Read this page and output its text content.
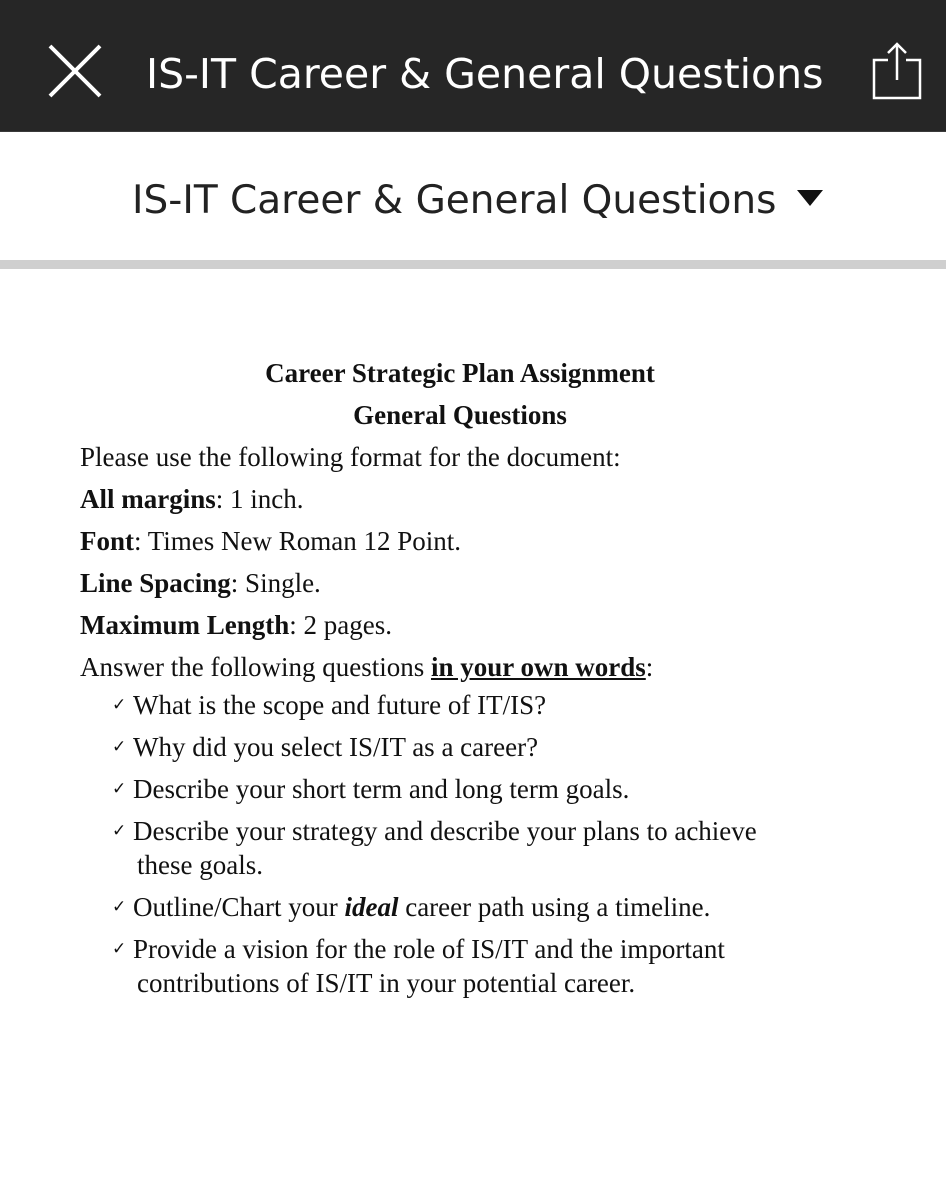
IS-IT Career & General Questions
IS-IT Career & General Questions
Career Strategic Plan Assignment
General Questions
Please use the following format for the document:
All margins: 1 inch.
Font: Times New Roman 12 Point.
Line Spacing: Single.
Maximum Length: 2 pages.
Answer the following questions in your own words:
✓ What is the scope and future of IT/IS?
✓ Why did you select IS/IT as a career?
✓ Describe your short term and long term goals.
✓ Describe your strategy and describe your plans to achieve
these goals.
✓ Outline/Chart your ideal career path using a timeline.
✓ Provide a vision for the role of IS/IT and the important
contributions of IS/IT in your potential career.
